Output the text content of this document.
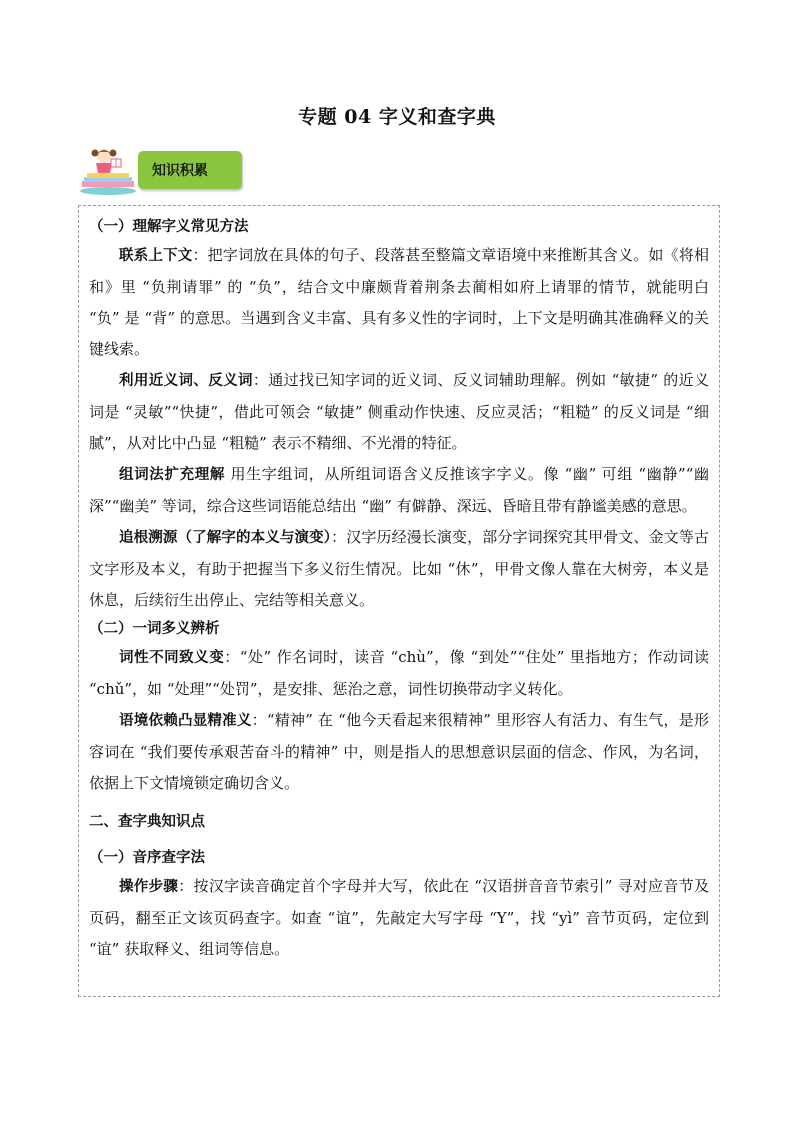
专题 04 字义和查字典
知识积累

（一）理解字义常见方法

联系上下文：把字词放在具体的句子、段落甚至整篇文章语境中来推断其含义。如《将相和》里 “负荆请罪” 的 “负”，结合文中廉颇背着荆条去蔺相如府上请罪的情节，就能明白 “负” 是 “背” 的意思。当遇到含义丰富、具有多义性的字词时，上下文是明确其准确释义的关键线索。

利用近义词、反义词：通过找已知字词的近义词、反义词辅助理解。例如 “敏捷” 的近义词是 “灵敏”“快捷”，借此可领会 “敏捷” 侧重动作快速、反应灵活；“粗糙” 的反义词是 “细腻”，从对比中凸显 “粗糙” 表示不精细、不光滑的特征。

组词法扩充理解 用生字组词，从所组词语含义反推该字字义。像 “幽” 可组 “幽静”“幽深”“幽美” 等词，综合这些词语能总结出 “幽” 有僻静、深远、昏暗且带有静谧美感的意思。

追根溯源（了解字的本义与演变）：汉字历经漫长演变，部分字词探究其甲骨文、金文等古文字形及本义，有助于把握当下多义衍生情况。比如 “休”，甲骨文像人靠在大树旁，本义是休息，后续衍生出停止、完结等相关意义。

（二）一词多义辨析

词性不同致义变：“处” 作名词时，读音 “chù”，像 “到处”“住处” 里指地方；作动词读 “chǔ”，如 “处理”“处罚”，是安排、惩治之意，词性切换带动字义转化。

语境依赖凸显精准义：“精神” 在 “他今天看起来很精神” 里形容人有活力、有生气，是形容词在 “我们要传承艰苦奋斗的精神” 中，则是指人的思想意识层面的信念、作风，为名词，依据上下文情境锁定确切含义。

二、查字典知识点

（一）音序查字法

操作步骤：按汉字读音确定首个字母并大写，依此在 “汉语拼音音节索引” 寻对应音节及页码，翻至正文该页码查字。如查 “谊”，先敲定大写字母 “Y”，找 “yì” 音节页码，定位到 “谊” 获取释义、组词等信息。
